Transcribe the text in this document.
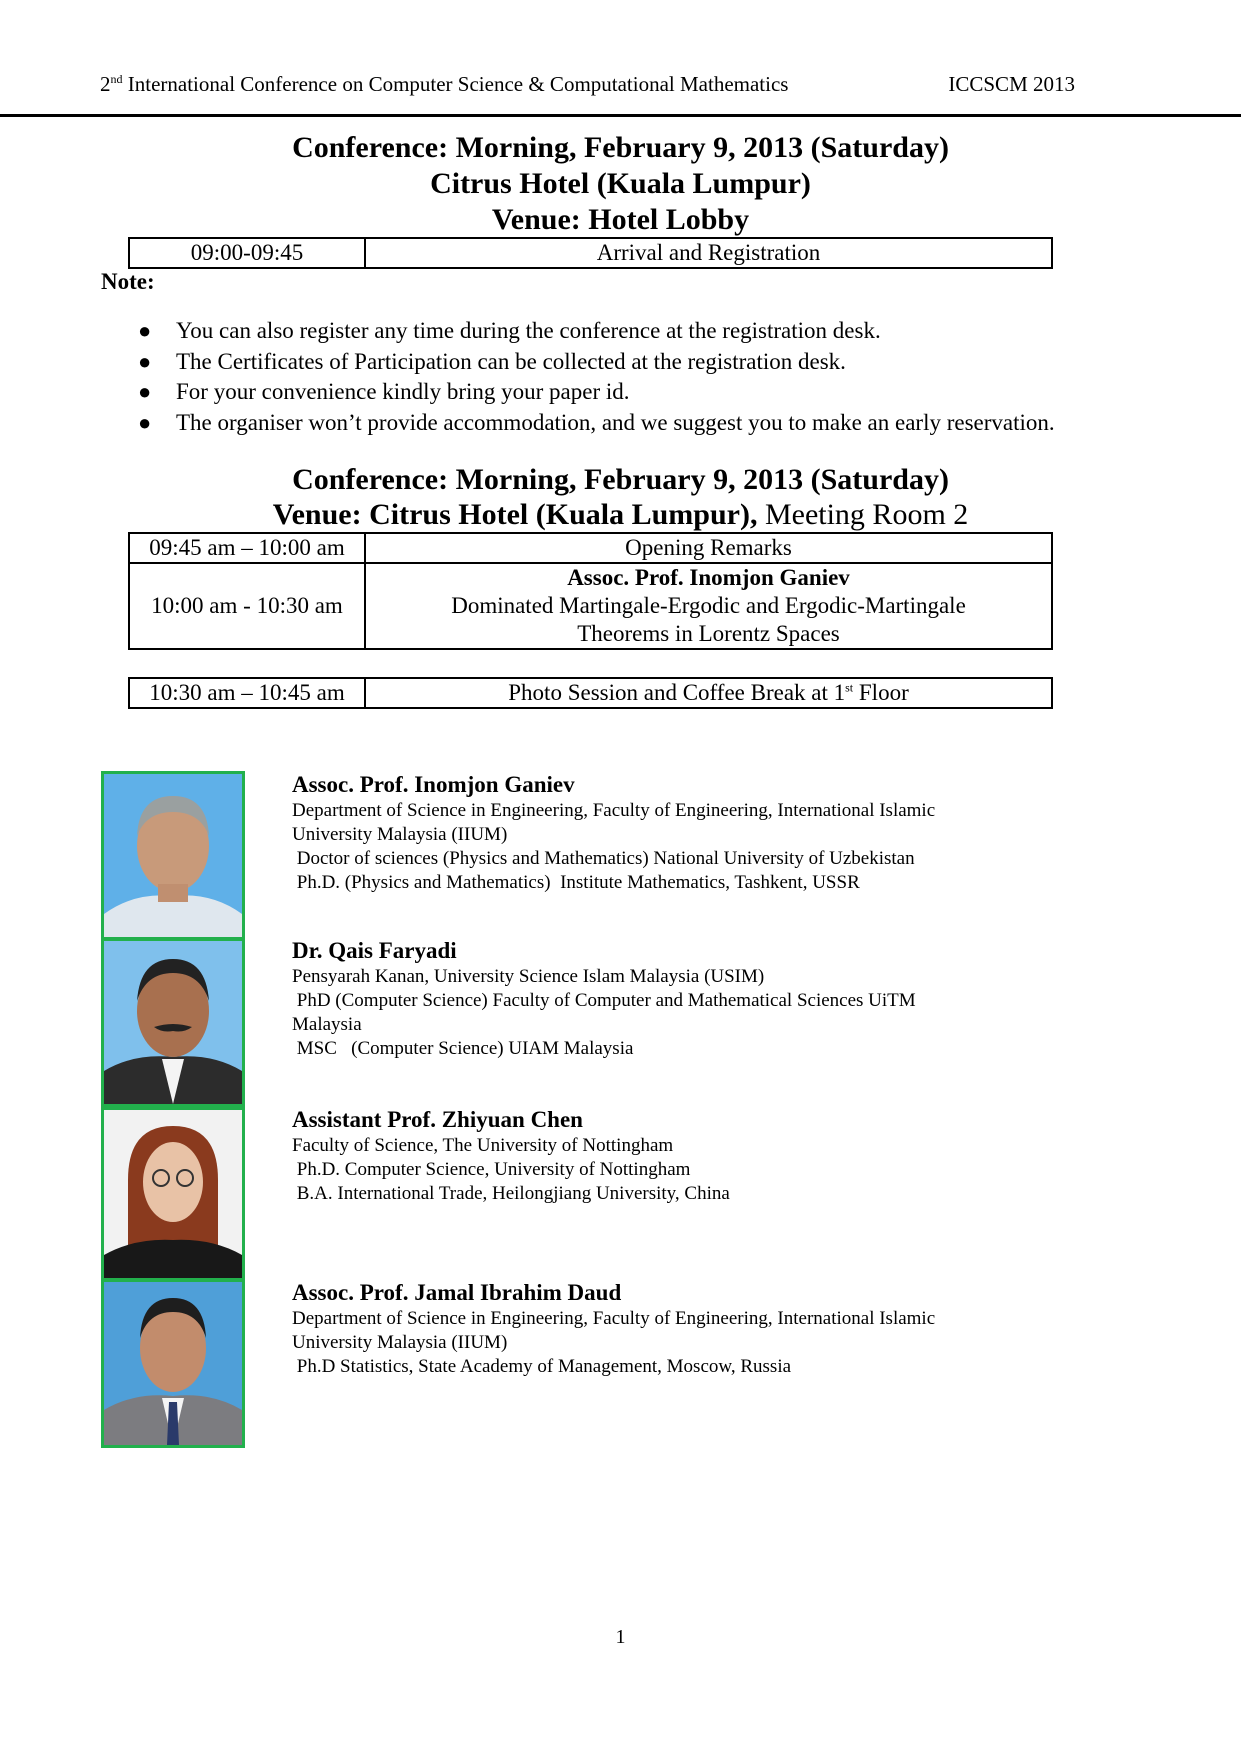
2nd International Conference on Computer Science & Computational Mathematics	ICCSCM 2013
Conference: Morning, February 9, 2013 (Saturday)
Citrus Hotel (Kuala Lumpur)
Venue: Hotel Lobby
09:00-09:45	Arrival and Registration
Note:
● You can also register any time during the conference at the registration desk.
● The Certificates of Participation can be collected at the registration desk.
● For your convenience kindly bring your paper id.
● The organiser won’t provide accommodation, and we suggest you to make an early reservation.
Conference: Morning, February 9, 2013 (Saturday)
Venue: Citrus Hotel (Kuala Lumpur), Meeting Room 2
09:45 am – 10:00 am	Opening Remarks
10:00 am - 10:30 am	Assoc. Prof. Inomjon Ganiev
Dominated Martingale-Ergodic and Ergodic-Martingale
Theorems in Lorentz Spaces
10:30 am – 10:45 am	Photo Session and Coffee Break at 1st Floor
Assoc. Prof. Inomjon Ganiev
Department of Science in Engineering, Faculty of Engineering, International Islamic
University Malaysia (IIUM)
Doctor of sciences (Physics and Mathematics) National University of Uzbekistan
Ph.D. (Physics and Mathematics)  Institute Mathematics, Tashkent, USSR
Dr. Qais Faryadi
Pensyarah Kanan, University Science Islam Malaysia (USIM)
PhD (Computer Science) Faculty of Computer and Mathematical Sciences UiTM
Malaysia
MSC   (Computer Science) UIAM Malaysia
Assistant Prof. Zhiyuan Chen
Faculty of Science, The University of Nottingham
Ph.D. Computer Science, University of Nottingham
B.A. International Trade, Heilongjiang University, China
Assoc. Prof. Jamal Ibrahim Daud
Department of Science in Engineering, Faculty of Engineering, International Islamic
University Malaysia (IIUM)
Ph.D Statistics, State Academy of Management, Moscow, Russia
1
